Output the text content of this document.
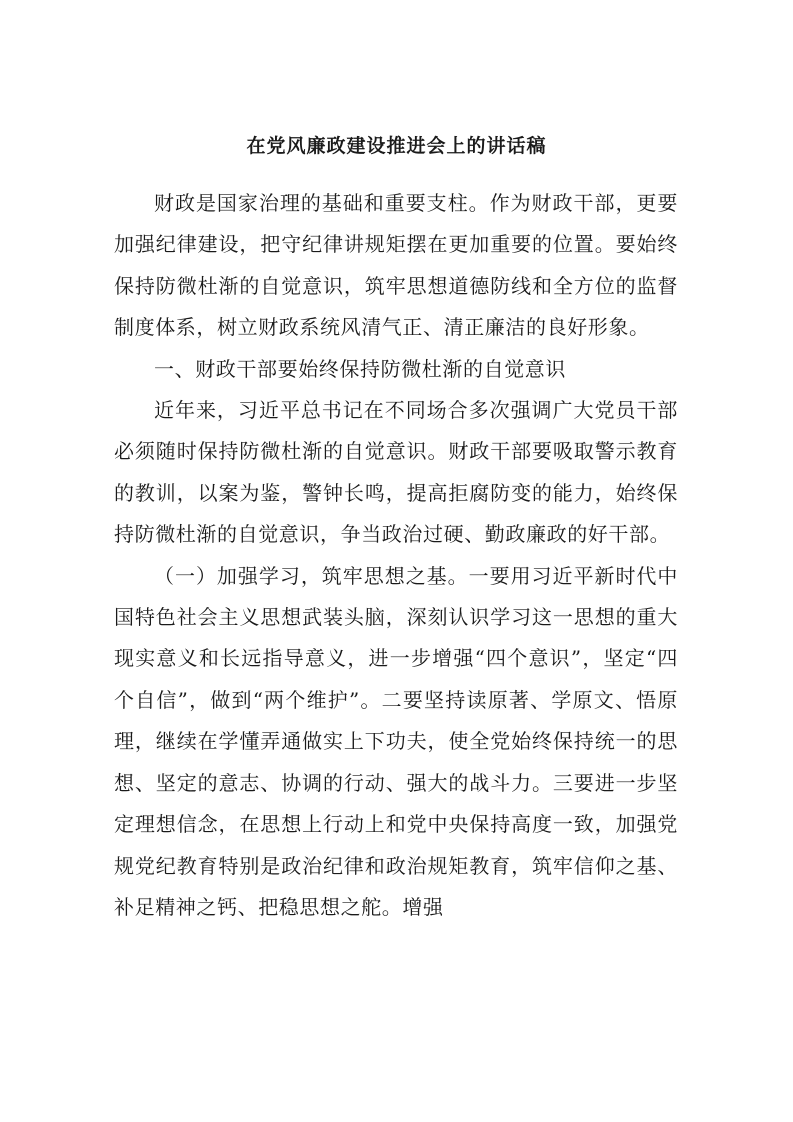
在党风廉政建设推进会上的讲话稿

财政是国家治理的基础和重要支柱。作为财政干部，更要加强纪律建设，把守纪律讲规矩摆在更加重要的位置。要始终保持防微杜渐的自觉意识，筑牢思想道德防线和全方位的监督制度体系，树立财政系统风清气正、清正廉洁的良好形象。

一、财政干部要始终保持防微杜渐的自觉意识

近年来，习近平总书记在不同场合多次强调广大党员干部必须随时保持防微杜渐的自觉意识。财政干部要吸取警示教育的教训，以案为鉴，警钟长鸣，提高拒腐防变的能力，始终保持防微杜渐的自觉意识，争当政治过硬、勤政廉政的好干部。

（一）加强学习，筑牢思想之基。一要用习近平新时代中国特色社会主义思想武装头脑，深刻认识学习这一思想的重大现实意义和长远指导意义，进一步增强“四个意识”，坚定“四个自信”，做到“两个维护”。二要坚持读原著、学原文、悟原理，继续在学懂弄通做实上下功夫，使全党始终保持统一的思想、坚定的意志、协调的行动、强大的战斗力。三要进一步坚定理想信念，在思想上行动上和党中央保持高度一致，加强党规党纪教育特别是政治纪律和政治规矩教育，筑牢信仰之基、补足精神之钙、把稳思想之舵。增强
